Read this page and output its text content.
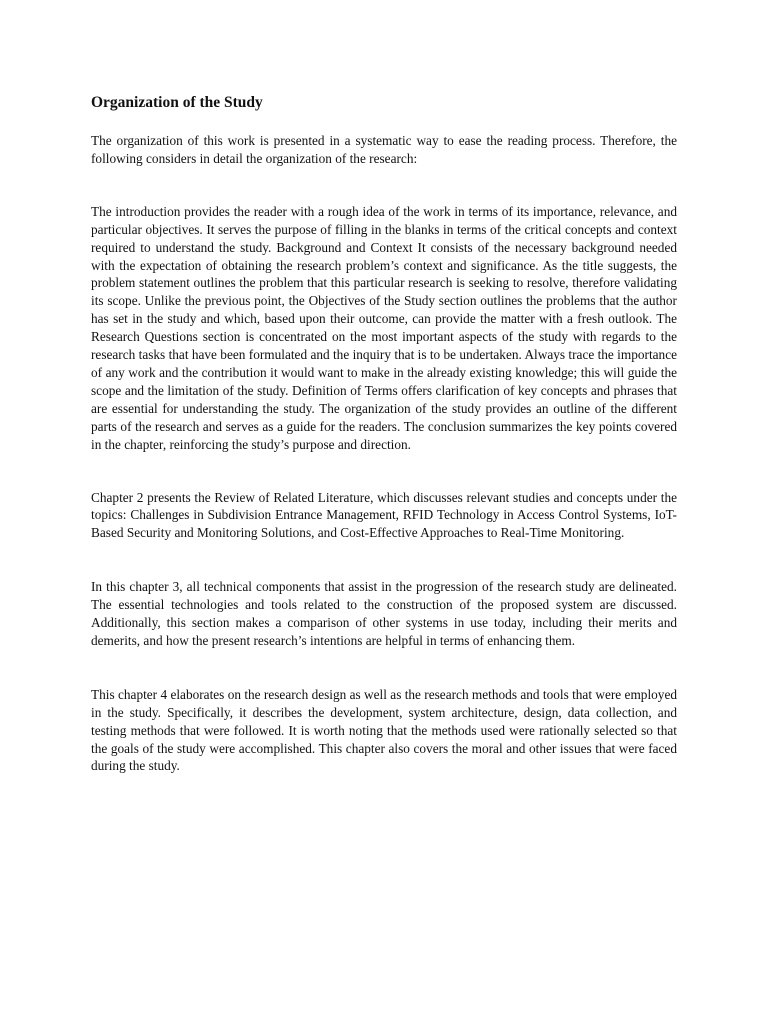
Organization of the Study

The organization of this work is presented in a systematic way to ease the reading process. Therefore, the following considers in detail the organization of the research:

The introduction provides the reader with a rough idea of the work in terms of its importance, relevance, and particular objectives. It serves the purpose of filling in the blanks in terms of the critical concepts and context required to understand the study. Background and Context It consists of the necessary background needed with the expectation of obtaining the research problem’s context and significance. As the title suggests, the problem statement outlines the problem that this particular research is seeking to resolve, therefore validating its scope. Unlike the previous point, the Objectives of the Study section outlines the problems that the author has set in the study and which, based upon their outcome, can provide the matter with a fresh outlook. The Research Questions section is concentrated on the most important aspects of the study with regards to the research tasks that have been formulated and the inquiry that is to be undertaken. Always trace the importance of any work and the contribution it would want to make in the already existing knowledge; this will guide the scope and the limitation of the study. Definition of Terms offers clarification of key concepts and phrases that are essential for understanding the study. The organization of the study provides an outline of the different parts of the research and serves as a guide for the readers. The conclusion summarizes the key points covered in the chapter, reinforcing the study’s purpose and direction.

Chapter 2 presents the Review of Related Literature, which discusses relevant studies and concepts under the topics: Challenges in Subdivision Entrance Management, RFID Technology in Access Control Systems, IoT-Based Security and Monitoring Solutions, and Cost-Effective Approaches to Real-Time Monitoring.

In this chapter 3, all technical components that assist in the progression of the research study are delineated. The essential technologies and tools related to the construction of the proposed system are discussed. Additionally, this section makes a comparison of other systems in use today, including their merits and demerits, and how the present research’s intentions are helpful in terms of enhancing them.

This chapter 4 elaborates on the research design as well as the research methods and tools that were employed in the study. Specifically, it describes the development, system architecture, design, data collection, and testing methods that were followed. It is worth noting that the methods used were rationally selected so that the goals of the study were accomplished. This chapter also covers the moral and other issues that were faced during the study.
